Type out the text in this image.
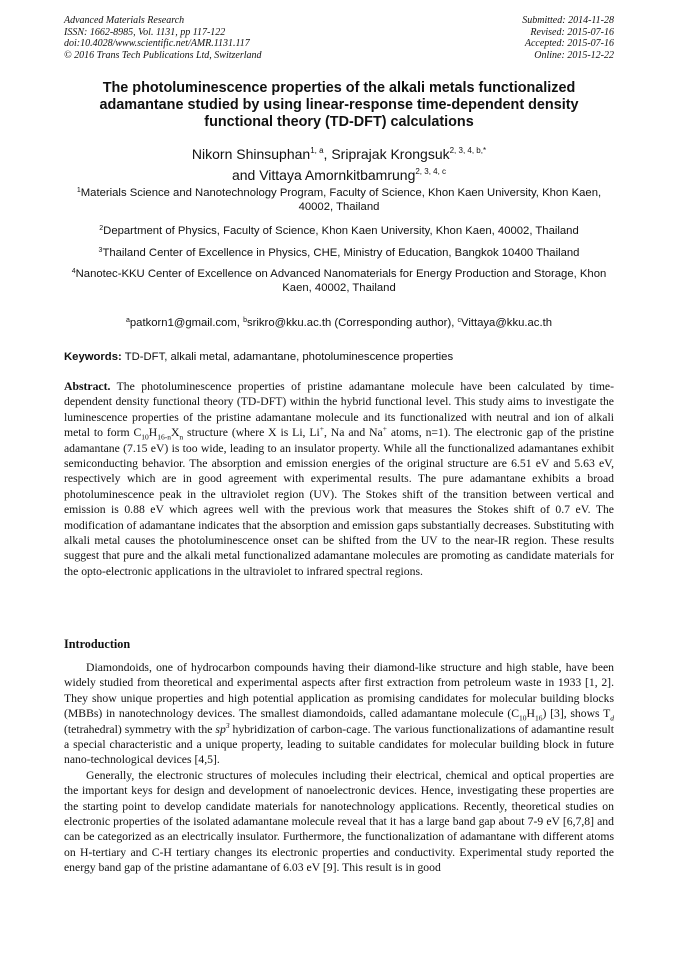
Advanced Materials Research
ISSN: 1662-8985, Vol. 1131, pp 117-122
doi:10.4028/www.scientific.net/AMR.1131.117
© 2016 Trans Tech Publications Ltd, Switzerland
Submitted: 2014-11-28
Revised: 2015-07-16
Accepted: 2015-07-16
Online: 2015-12-22
The photoluminescence properties of the alkali metals functionalized adamantane studied by using linear-response time-dependent density functional theory (TD-DFT) calculations
Nikorn Shinsuphan$^{1, a}$, Sriprajak Krongsuk$^{2, 3, 4, b,*}$
and Vittaya Amornkitbamrung$^{2, 3, 4, c}$
$^1$Materials Science and Nanotechnology Program, Faculty of Science, Khon Kaen University, Khon Kaen, 40002, Thailand
$^2$Department of Physics, Faculty of Science, Khon Kaen University, Khon Kaen, 40002, Thailand
$^3$Thailand Center of Excellence in Physics, CHE, Ministry of Education, Bangkok 10400 Thailand
$^4$Nanotec-KKU Center of Excellence on Advanced Nanomaterials for Energy Production and Storage, Khon Kaen, 40002, Thailand
$^a$patkorn1@gmail.com, $^b$srikro@kku.ac.th (Corresponding author), $^c$Vittaya@kku.ac.th
Keywords: TD-DFT, alkali metal, adamantane, photoluminescence properties

Abstract. The photoluminescence properties of pristine adamantane molecule have been calculated by time-dependent density functional theory (TD-DFT) within the hybrid functional level. This study aims to investigate the luminescence properties of the pristine adamantane molecule and its functionalized with neutral and ion of alkali metal to form $C_{10}H_{16-n}X_n$ structure (where X is Li, Li+, Na and Na+ atoms, n=1). The electronic gap of the pristine adamantane (7.15 eV) is too wide, leading to an insulator property. While all the functionalized adamantanes exhibit semiconducting behavior. The absorption and emission energies of the original structure are 6.51 eV and 5.63 eV, respectively which are in good agreement with experimental results. The pure adamantane exhibits a broad photoluminescence peak in the ultraviolet region (UV). The Stokes shift of the transition between vertical and emission is 0.88 eV which agrees well with the previous work that measures the Stokes shift of 0.7 eV. The modification of adamantane indicates that the absorption and emission gaps substantially decreases. Substituting with alkali metal causes the photoluminescence onset can be shifted from the UV to the near-IR region. These results suggest that pure and the alkali metal functionalized adamantane molecules are promoting as candidate materials for the opto-electronic applications in the ultraviolet to infrared spectral regions.

Introduction

Diamondoids, one of hydrocarbon compounds having their diamond-like structure and high stable, have been widely studied from theoretical and experimental aspects after first extraction from petroleum waste in 1933 [1, 2]. They show unique properties and high potential application as promising candidates for molecular building blocks (MBBs) in nanotechnology devices. The smallest diamondoids, called adamantane molecule $(C_{10}H_{16})$ [3], shows $T_d$ (tetrahedral) symmetry with the $sp^3$ hybridization of carbon-cage. The various functionalizations of adamantine result a special characteristic and a unique property, leading to suitable candidates for molecular building block in future nano-technological devices [4,5].

Generally, the electronic structures of molecules including their electrical, chemical and optical properties are the important keys for design and development of nanoelectronic devices. Hence, investigating these properties are the starting point to develop candidate materials for nanotechnology applications. Recently, theoretical studies on electronic properties of the isolated adamantane molecule reveal that it has a large band gap about 7-9 eV [6,7,8] and can be categorized as an electrically insulator. Furthermore, the functionalization of adamantane with different atoms on H-tertiary and C-H tertiary changes its electronic properties and conductivity. Experimental study reported the energy band gap of the pristine adamantane of 6.03 eV [9]. This result is in good
